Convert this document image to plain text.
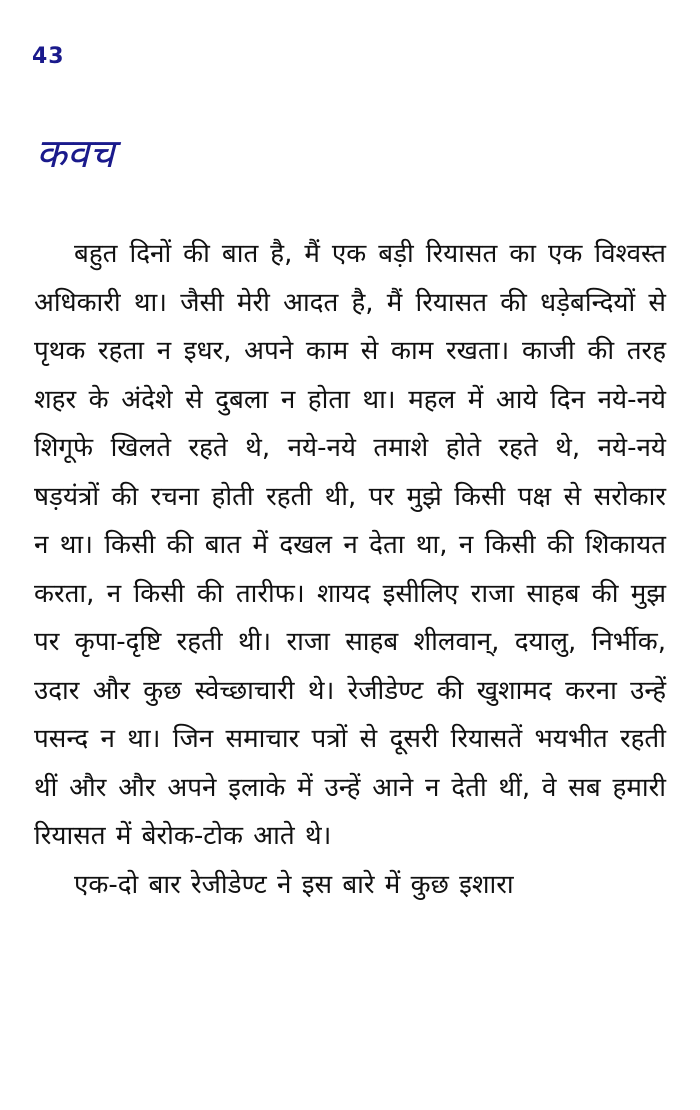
43
कवच

बहुत दिनों की बात है, मैं एक बड़ी रियासत का एक विश्वस्त अधिकारी था। जैसी मेरी आदत है, मैं रियासत की धड़ेबन्दियों से पृथक रहता न इधर, अपने काम से काम रखता। काजी की तरह शहर के अंदेशे से दुबला न होता था। महल में आये दिन नये-नये शिगूफे खिलते रहते थे, नये-नये तमाशे होते रहते थे, नये-नये षड़यंत्रों की रचना होती रहती थी, पर मुझे किसी पक्ष से सरोकार न था। किसी की बात में दखल न देता था, न किसी की शिकायत करता, न किसी की तारीफ। शायद इसीलिए राजा साहब की मुझ पर कृपा-दृष्टि रहती थी। राजा साहब शीलवान्, दयालु, निर्भीक, उदार और कुछ स्वेच्छाचारी थे। रेजीडेण्ट की खुशामद करना उन्हें पसन्द न था। जिन समाचार पत्रों से दूसरी रियासतें भयभीत रहती थीं और और अपने इलाके में उन्हें आने न देती थीं, वे सब हमारी रियासत में बेरोक-टोक आते थे।

एक-दो बार रेजीडेण्ट ने इस बारे में कुछ इशारा
